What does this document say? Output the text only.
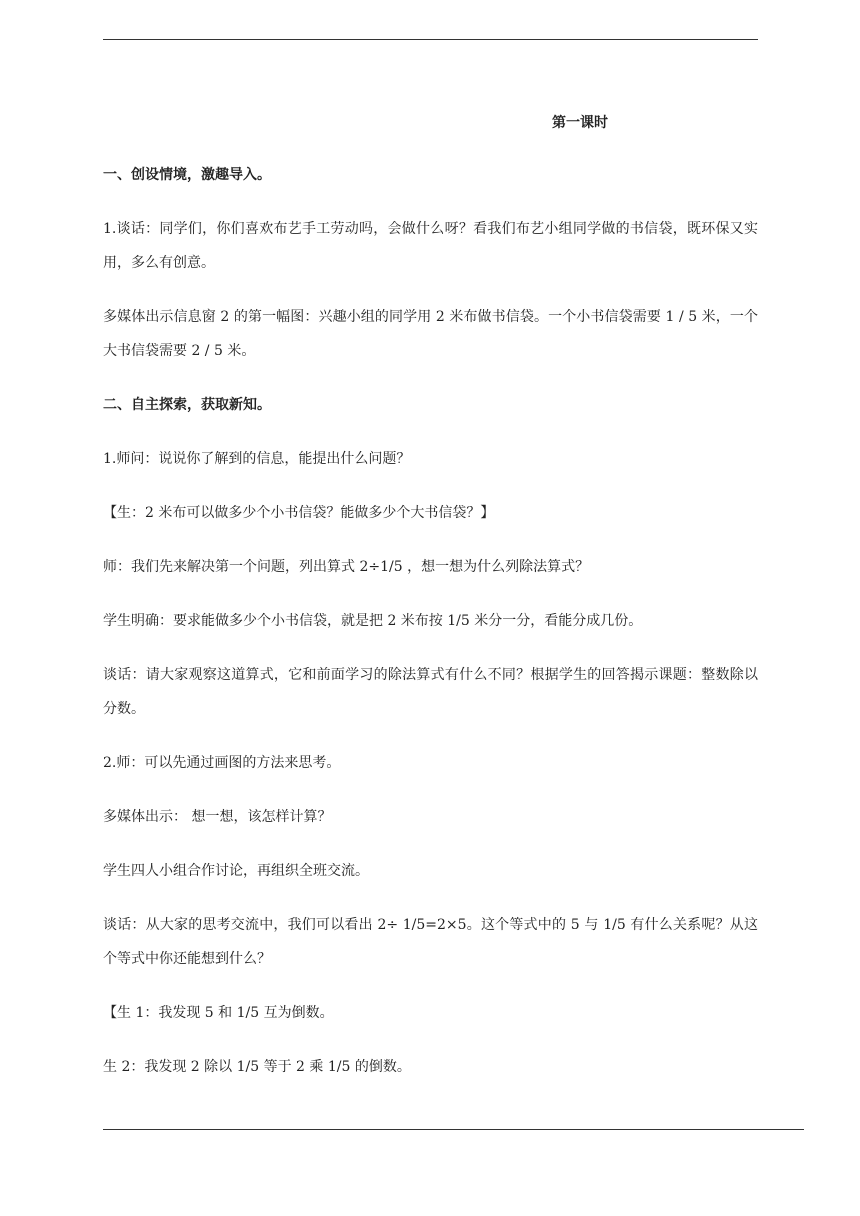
第一课时

一、创设情境，激趣导入。

1.谈话：同学们，你们喜欢布艺手工劳动吗，会做什么呀？看我们布艺小组同学做的书信袋，既环保又实用，多么有创意。

多媒体出示信息窗 2 的第一幅图：兴趣小组的同学用 2 米布做书信袋。一个小书信袋需要 1 / 5 米，一个大书信袋需要 2 / 5 米。

二、自主探索，获取新知。

1.师问：说说你了解到的信息，能提出什么问题？

【生：2 米布可以做多少个小书信袋？能做多少个大书信袋？】

师：我们先来解决第一个问题，列出算式 2÷1/5 ，想一想为什么列除法算式？

学生明确：要求能做多少个小书信袋，就是把 2 米布按 1/5 米分一分，看能分成几份。

谈话：请大家观察这道算式，它和前面学习的除法算式有什么不同？根据学生的回答揭示课题：整数除以分数。

2.师：可以先通过画图的方法来思考。

多媒体出示： 想一想，该怎样计算？

学生四人小组合作讨论，再组织全班交流。

谈话：从大家的思考交流中，我们可以看出 2÷ 1/5=2×5。这个等式中的 5 与 1/5 有什么关系呢？从这个等式中你还能想到什么？

【生 1：我发现 5 和 1/5 互为倒数。

生 2：我发现 2 除以 1/5 等于 2 乘 1/5 的倒数。
